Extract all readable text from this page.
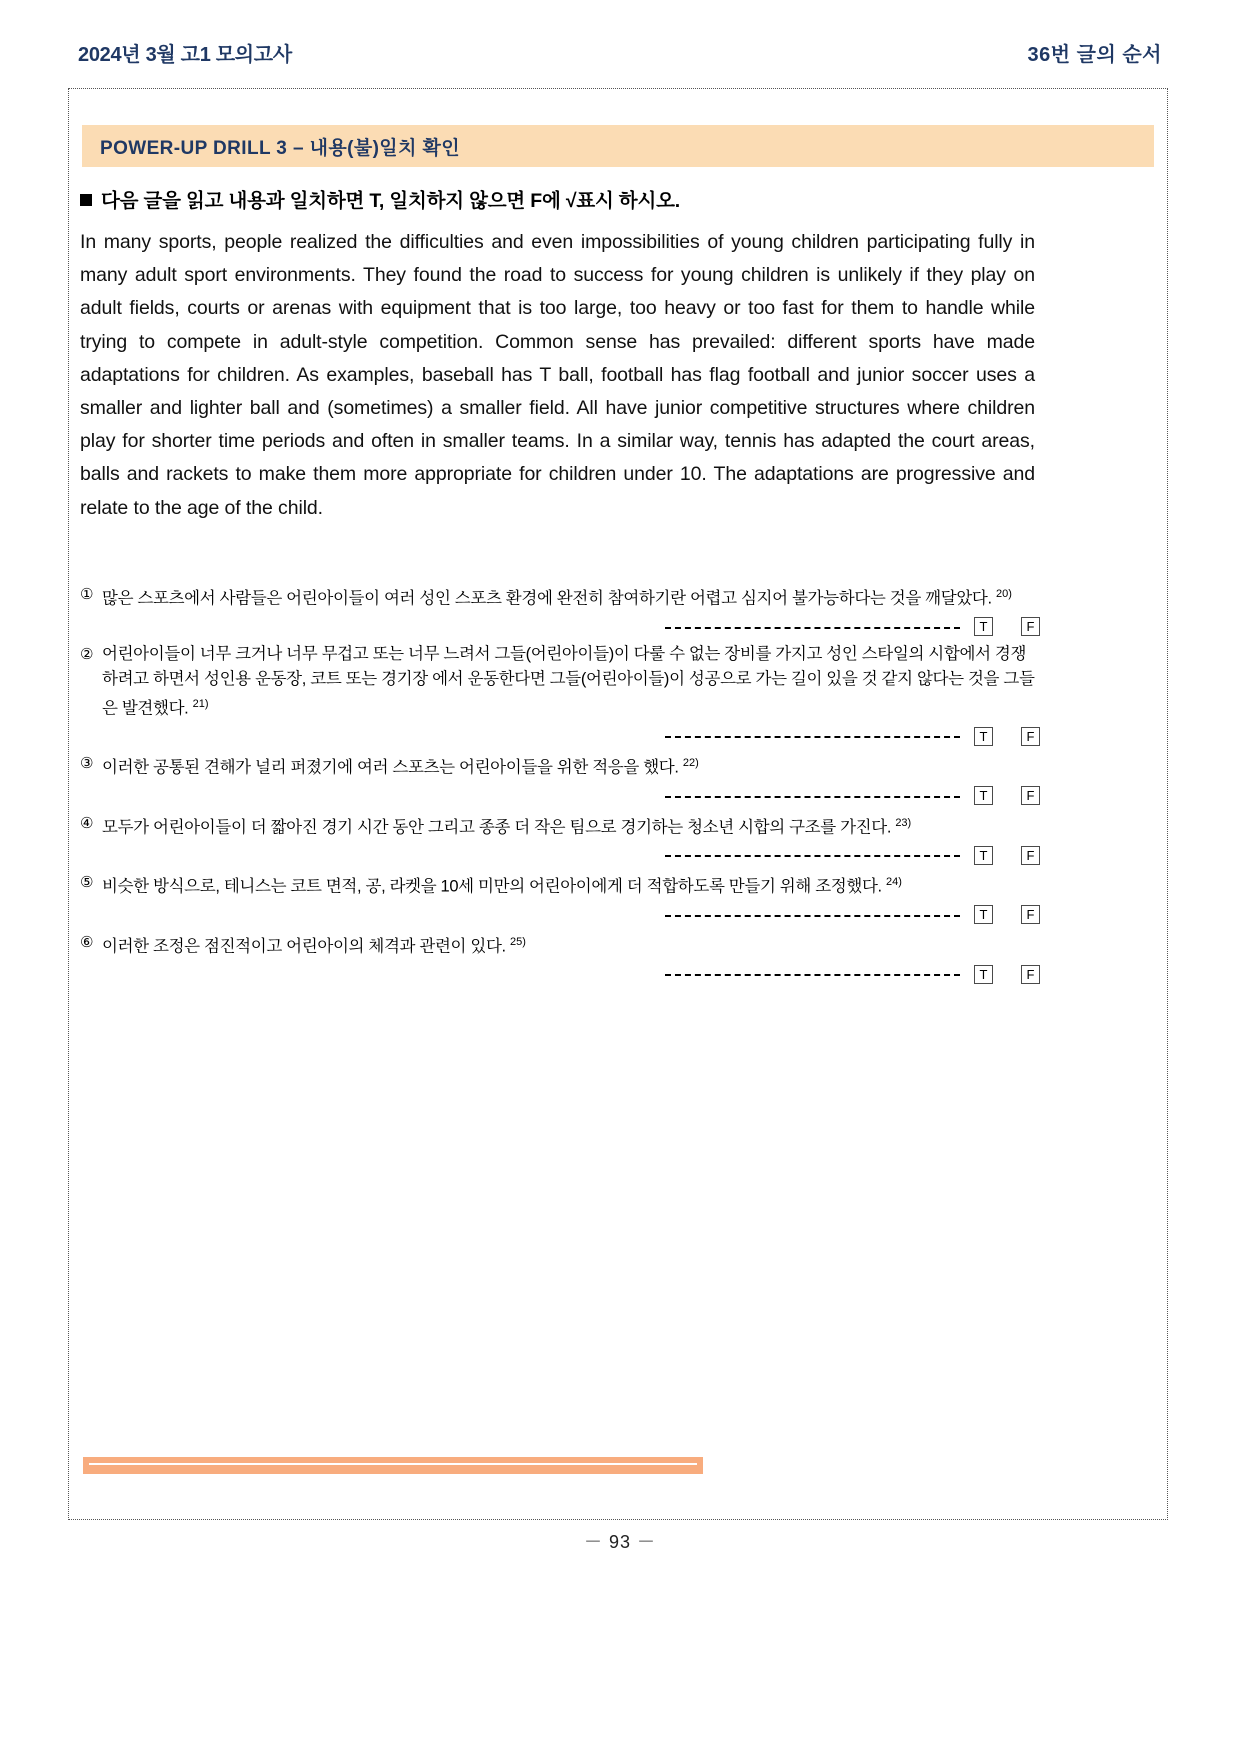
2024년 3월 고1 모의고사	36번 글의 순서
POWER-UP DRILL 3 – 내용(불)일치 확인
다음 글을 읽고 내용과 일치하면 T, 일치하지 않으면 F에 √표시 하시오.
In many sports, people realized the difficulties and even impossibilities of young children participating fully in many adult sport environments. They found the road to success for young children is unlikely if they play on adult fields, courts or arenas with equipment that is too large, too heavy or too fast for them to handle while trying to compete in adult-style competition. Common sense has prevailed: different sports have made adaptations for children. As examples, baseball has T ball, football has flag football and junior soccer uses a smaller and lighter ball and (sometimes) a smaller field. All have junior competitive structures where children play for shorter time periods and often in smaller teams. In a similar way, tennis has adapted the court areas, balls and rackets to make them more appropriate for children under 10. The adaptations are progressive and relate to the age of the child.
① 많은 스포츠에서 사람들은 어린아이들이 여러 성인 스포츠 환경에 완전히 참여하기란 어렵고 심지어 불가능하다는 것을 깨달았다. $^{20)}$
T	F
② 어린아이들이 너무 크거나 너무 무겁고 또는 너무 느려서 그들(어린아이들)이 다룰 수 없는 장비를 가지고 성인 스타일의 시합에서 경쟁하려고 하면서 성인용 운동장, 코트 또는 경기장 에서 운동한다면 그들(어린아이들)이 성공으로 가는 길이 있을 것 같지 않다는 것을 그들은 발견했다. $^{21)}$
T	F
③ 이러한 공통된 견해가 널리 퍼졌기에 여러 스포츠는 어린아이들을 위한 적응을 했다. $^{22)}$
T	F
④ 모두가 어린아이들이 더 짧아진 경기 시간 동안 그리고 종종 더 작은 팀으로 경기하는 청소년 시합의 구조를 가진다. $^{23)}$
T	F
⑤ 비슷한 방식으로, 테니스는 코트 면적, 공, 라켓을 10세 미만의 어린아이에게 더 적합하도록 만들기 위해 조정했다. $^{24)}$
T	F
⑥ 이러한 조정은 점진적이고 어린아이의 체격과 관련이 있다. $^{25)}$
T	F
－ 93 －
